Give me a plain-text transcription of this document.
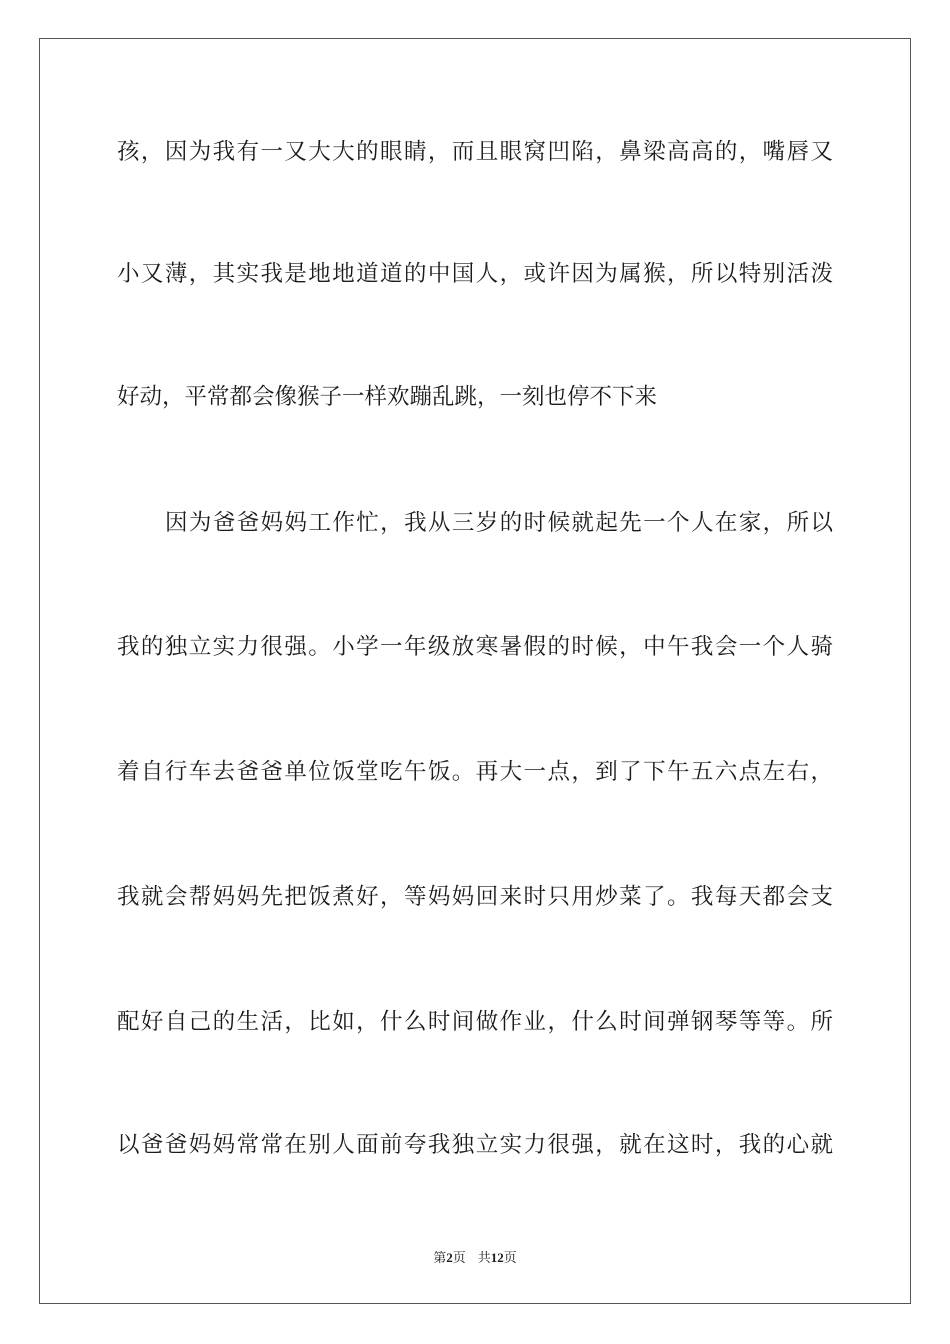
孩，因为我有一又大大的眼睛，而且眼窝凹陷，鼻梁高高的，嘴唇又

小又薄，其实我是地地道道的中国人，或许因为属猴，所以特别活泼

好动，平常都会像猴子一样欢蹦乱跳，一刻也停不下来

因为爸爸妈妈工作忙，我从三岁的时候就起先一个人在家，所以

我的独立实力很强。小学一年级放寒暑假的时候，中午我会一个人骑

着自行车去爸爸单位饭堂吃午饭。再大一点，到了下午五六点左右，

我就会帮妈妈先把饭煮好，等妈妈回来时只用炒菜了。我每天都会支

配好自己的生活，比如，什么时间做作业，什么时间弹钢琴等等。所

以爸爸妈妈常常在别人面前夸我独立实力很强，就在这时，我的心就

第2页 共12页
